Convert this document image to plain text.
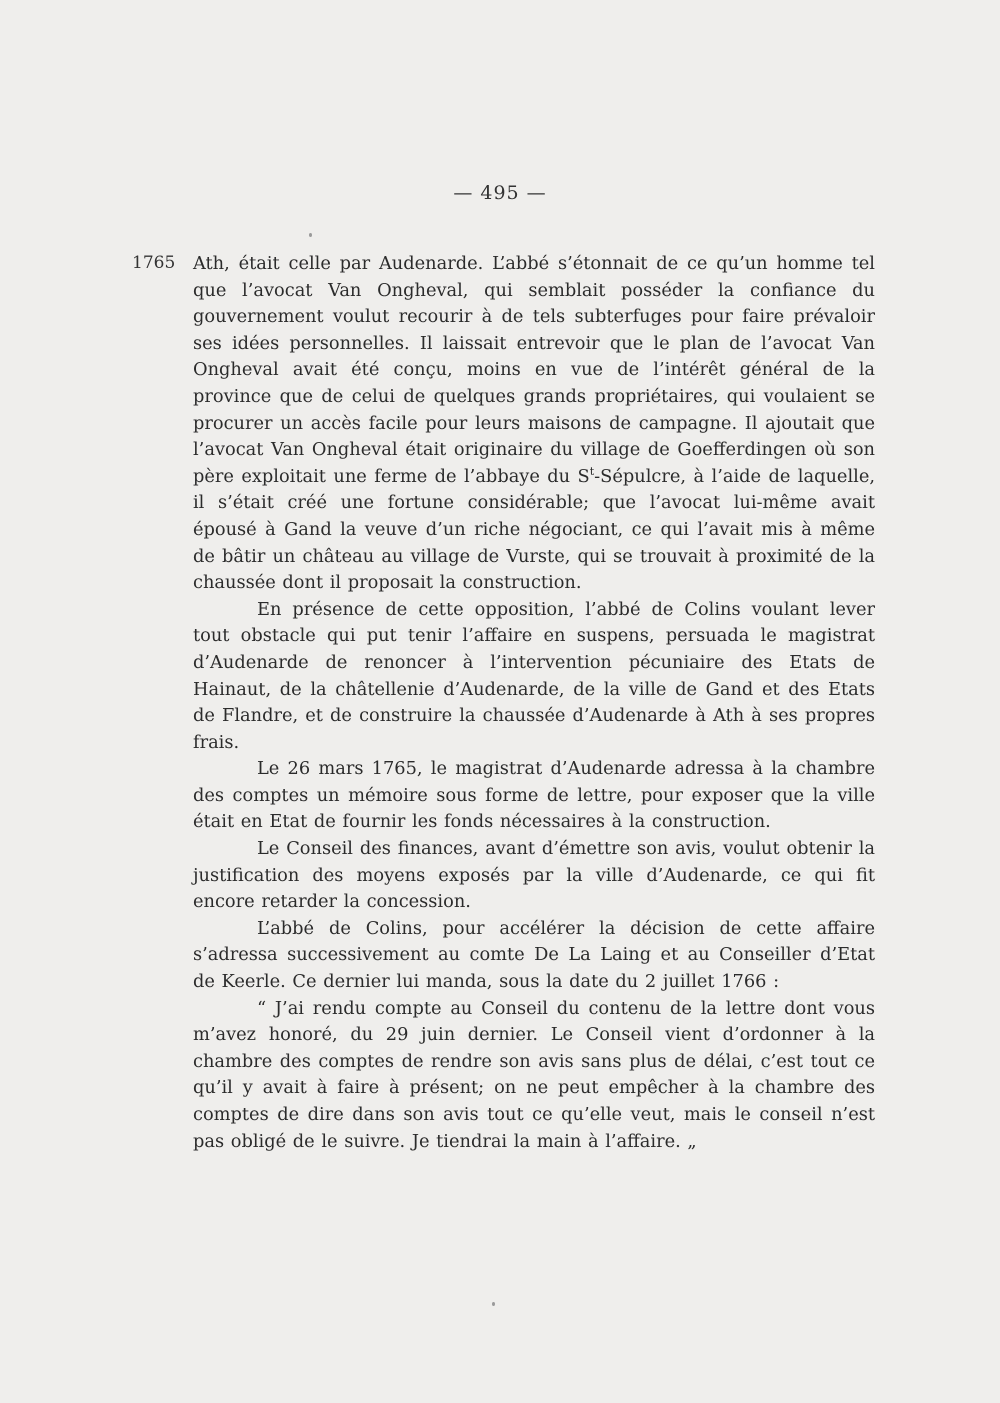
— 495 —
1765 Ath, était celle par Audenarde. L’abbé s’étonnait de ce qu’un homme tel que l’avocat Van Ongheval, qui semblait posséder la confiance du gouvernement voulut recourir à de tels subterfuges pour faire prévaloir ses idées personnelles. Il laissait entrevoir que le plan de l’avocat Van Ongheval avait été conçu, moins en vue de l’intérêt général de la province que de celui de quelques grands propriétaires, qui voulaient se procurer un accès facile pour leurs maisons de campagne. Il ajoutait que l’avocat Van Ongheval était originaire du village de Goefferdingen où son père exploitait une ferme de l’abbaye du $S^t$-Sépulcre, à l’aide de laquelle, il s’était créé une fortune considérable; que l’avocat lui-même avait épousé à Gand la veuve d’un riche négociant, ce qui l’avait mis à même de bâtir un château au village de Vurste, qui se trouvait à proximité de la chaussée dont il proposait la construction.

En présence de cette opposition, l’abbé de Colins voulant lever tout obstacle qui put tenir l’affaire en suspens, persuada le magistrat d’Audenarde de renoncer à l’intervention pécuniaire des Etats de Hainaut, de la châtellenie d’Audenarde, de la ville de Gand et des Etats de Flandre, et de construire la chaussée d’Audenarde à Ath à ses propres frais.

Le 26 mars 1765, le magistrat d’Audenarde adressa à la chambre des comptes un mémoire sous forme de lettre, pour exposer que la ville était en Etat de fournir les fonds nécessaires à la construction.

Le Conseil des finances, avant d’émettre son avis, voulut obtenir la justification des moyens exposés par la ville d’Audenarde, ce qui fit encore retarder la concession.

L’abbé de Colins, pour accélérer la décision de cette affaire s’adressa successivement au comte De La Laing et au Conseiller d’Etat de Keerle. Ce dernier lui manda, sous la date du 2 juillet 1766 :

“ J’ai rendu compte au Conseil du contenu de la lettre dont vous m’avez honoré, du 29 juin dernier. Le Conseil vient d’ordonner à la chambre des comptes de rendre son avis sans plus de délai, c’est tout ce qu’il y avait à faire à présent; on ne peut empêcher à la chambre des comptes de dire dans son avis tout ce qu’elle veut, mais le conseil n’est pas obligé de le suivre. Je tiendrai la main à l’affaire. „
